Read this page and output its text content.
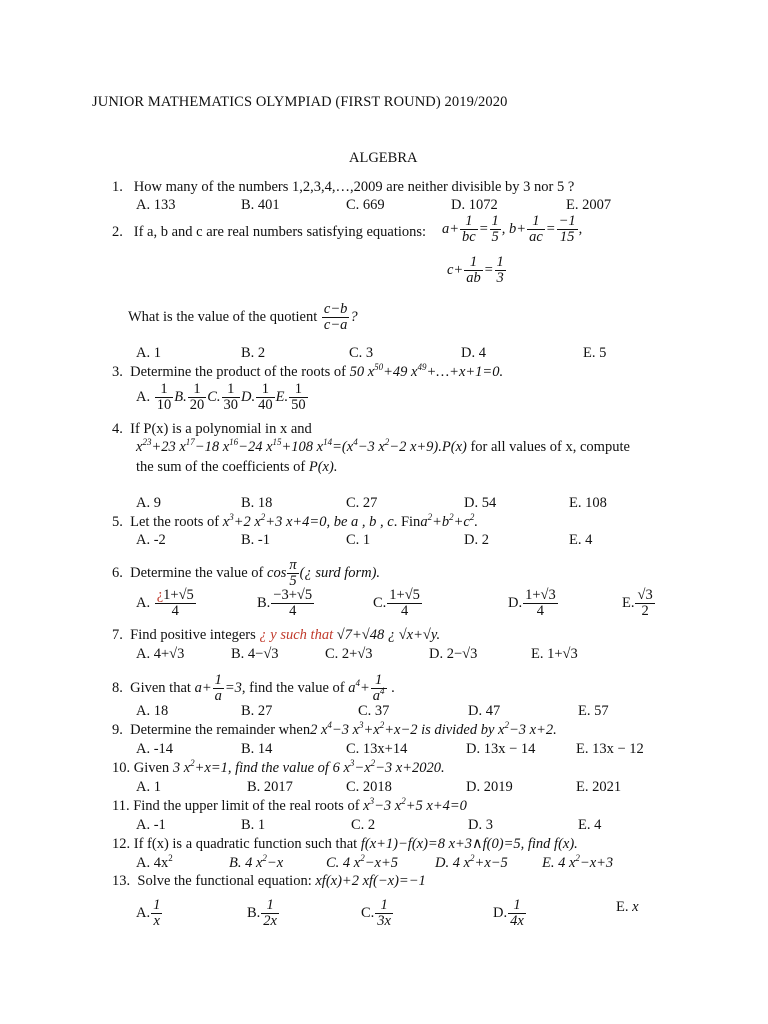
JUNIOR MATHEMATICS OLYMPIAD (FIRST ROUND) 2019/2020
ALGEBRA
1. How many of the numbers 1,2,3,4,…,2009 are neither divisible by 3 nor 5 ?
A. 133	B. 401	C. 669	D. 1072	E. 2007
2. If a, b and c are real numbers satisfying equations: $a+ \frac{1}{bc} = \frac{1}{5}$ , $b+ \frac{1}{ac} = \frac{-1}{15}$ ,
$c+ \frac{1}{ab} = \frac{1}{3}$
What is the value of the quotient $\frac{c-b}{c-a}$ ?
A. 1	B. 2	C. 3	D. 4	E. 5
3. Determine the product of the roots of 50 $x^{50}+49$ $x^{49}+\dots+x+1=0$.
A. $\frac{1}{10} B$. $\frac{1}{20} C$. $\frac{1}{30} D$. $\frac{1}{40} E$. $\frac{1}{50}$
4. If P(x) is a polynomial in x and
$x^{23}+23$ $x^{17}-18$ $x^{16}-24$ $x^{15}+108$ $x^{14}=(x^4-3$ $x^2-2$ x+9).P(x) for all values of x, compute
the sum of the coefficients of P(x).
A. 9	B. 18	C. 27	D. 54	E. 108
5. Let the roots of $x^3+2$ $x^2+3$ x+4=0, be a , b , c. $Fina^2+b^2+c^2$.
A. -2	B. -1	C. 1	D. 2	E. 4
6. Determine the value of $\cos \frac{\pi}{5}$ (¿ surd form).
A. $\frac{¿1+√5}{4}$	B. $\frac{-3+√5}{4}$	C. $\frac{1+√5}{4}$	D. $\frac{1+√3}{4}$	E. $\frac{√3}{2}$
7. Find positive integers ¿ y such that √7+√48 ¿ √x+√y.
A. 4+√3	B. 4−√3	C. 2+√3	D. 2−√3	E. 1+√3
8. Given that $a+ \frac{1}{a} =3$, find the value of $a^4+ \frac{1}{a^4}$ .
A. 18	B. 27	C. 37	D. 47	E. 57
9. Determine the remainder when2 $x^4-3$ $x^3+x^2+x-2$ is divided by $x^2-3$ x+2.
A. -14	B. 14	C. 13x+14	D. 13x − 14	E. 13x − 12
10. Given 3 $x^2+x=1$, find the value of 6 $x^3-x^2-3$ x+2020.
A. 1	B. 2017	C. 2018	D. 2019	E. 2021
11. Find the upper limit of the real roots of $x^3-3$ $x^2+5$ x+4=0
A. -1	B. 1	C. 2	D. 3	E. 4
12. If f(x) is a quadratic function such that f(x+1)−f(x)=8 x+3∧f(0)=5, find f(x).
A. $4x^2$	B. 4 $x^2-x$	C. 4 $x^2-x+5$	D. 4 $x^2+x-5$ E. 4 $x^2-x+3$
13. Solve the functional equation: xf(x)+2 xf(−x)=−1
A. $\frac{1}{x}$	B. $\frac{1}{2x}$	C. $\frac{1}{3x}$	D. $\frac{1}{4x}$	E. x
